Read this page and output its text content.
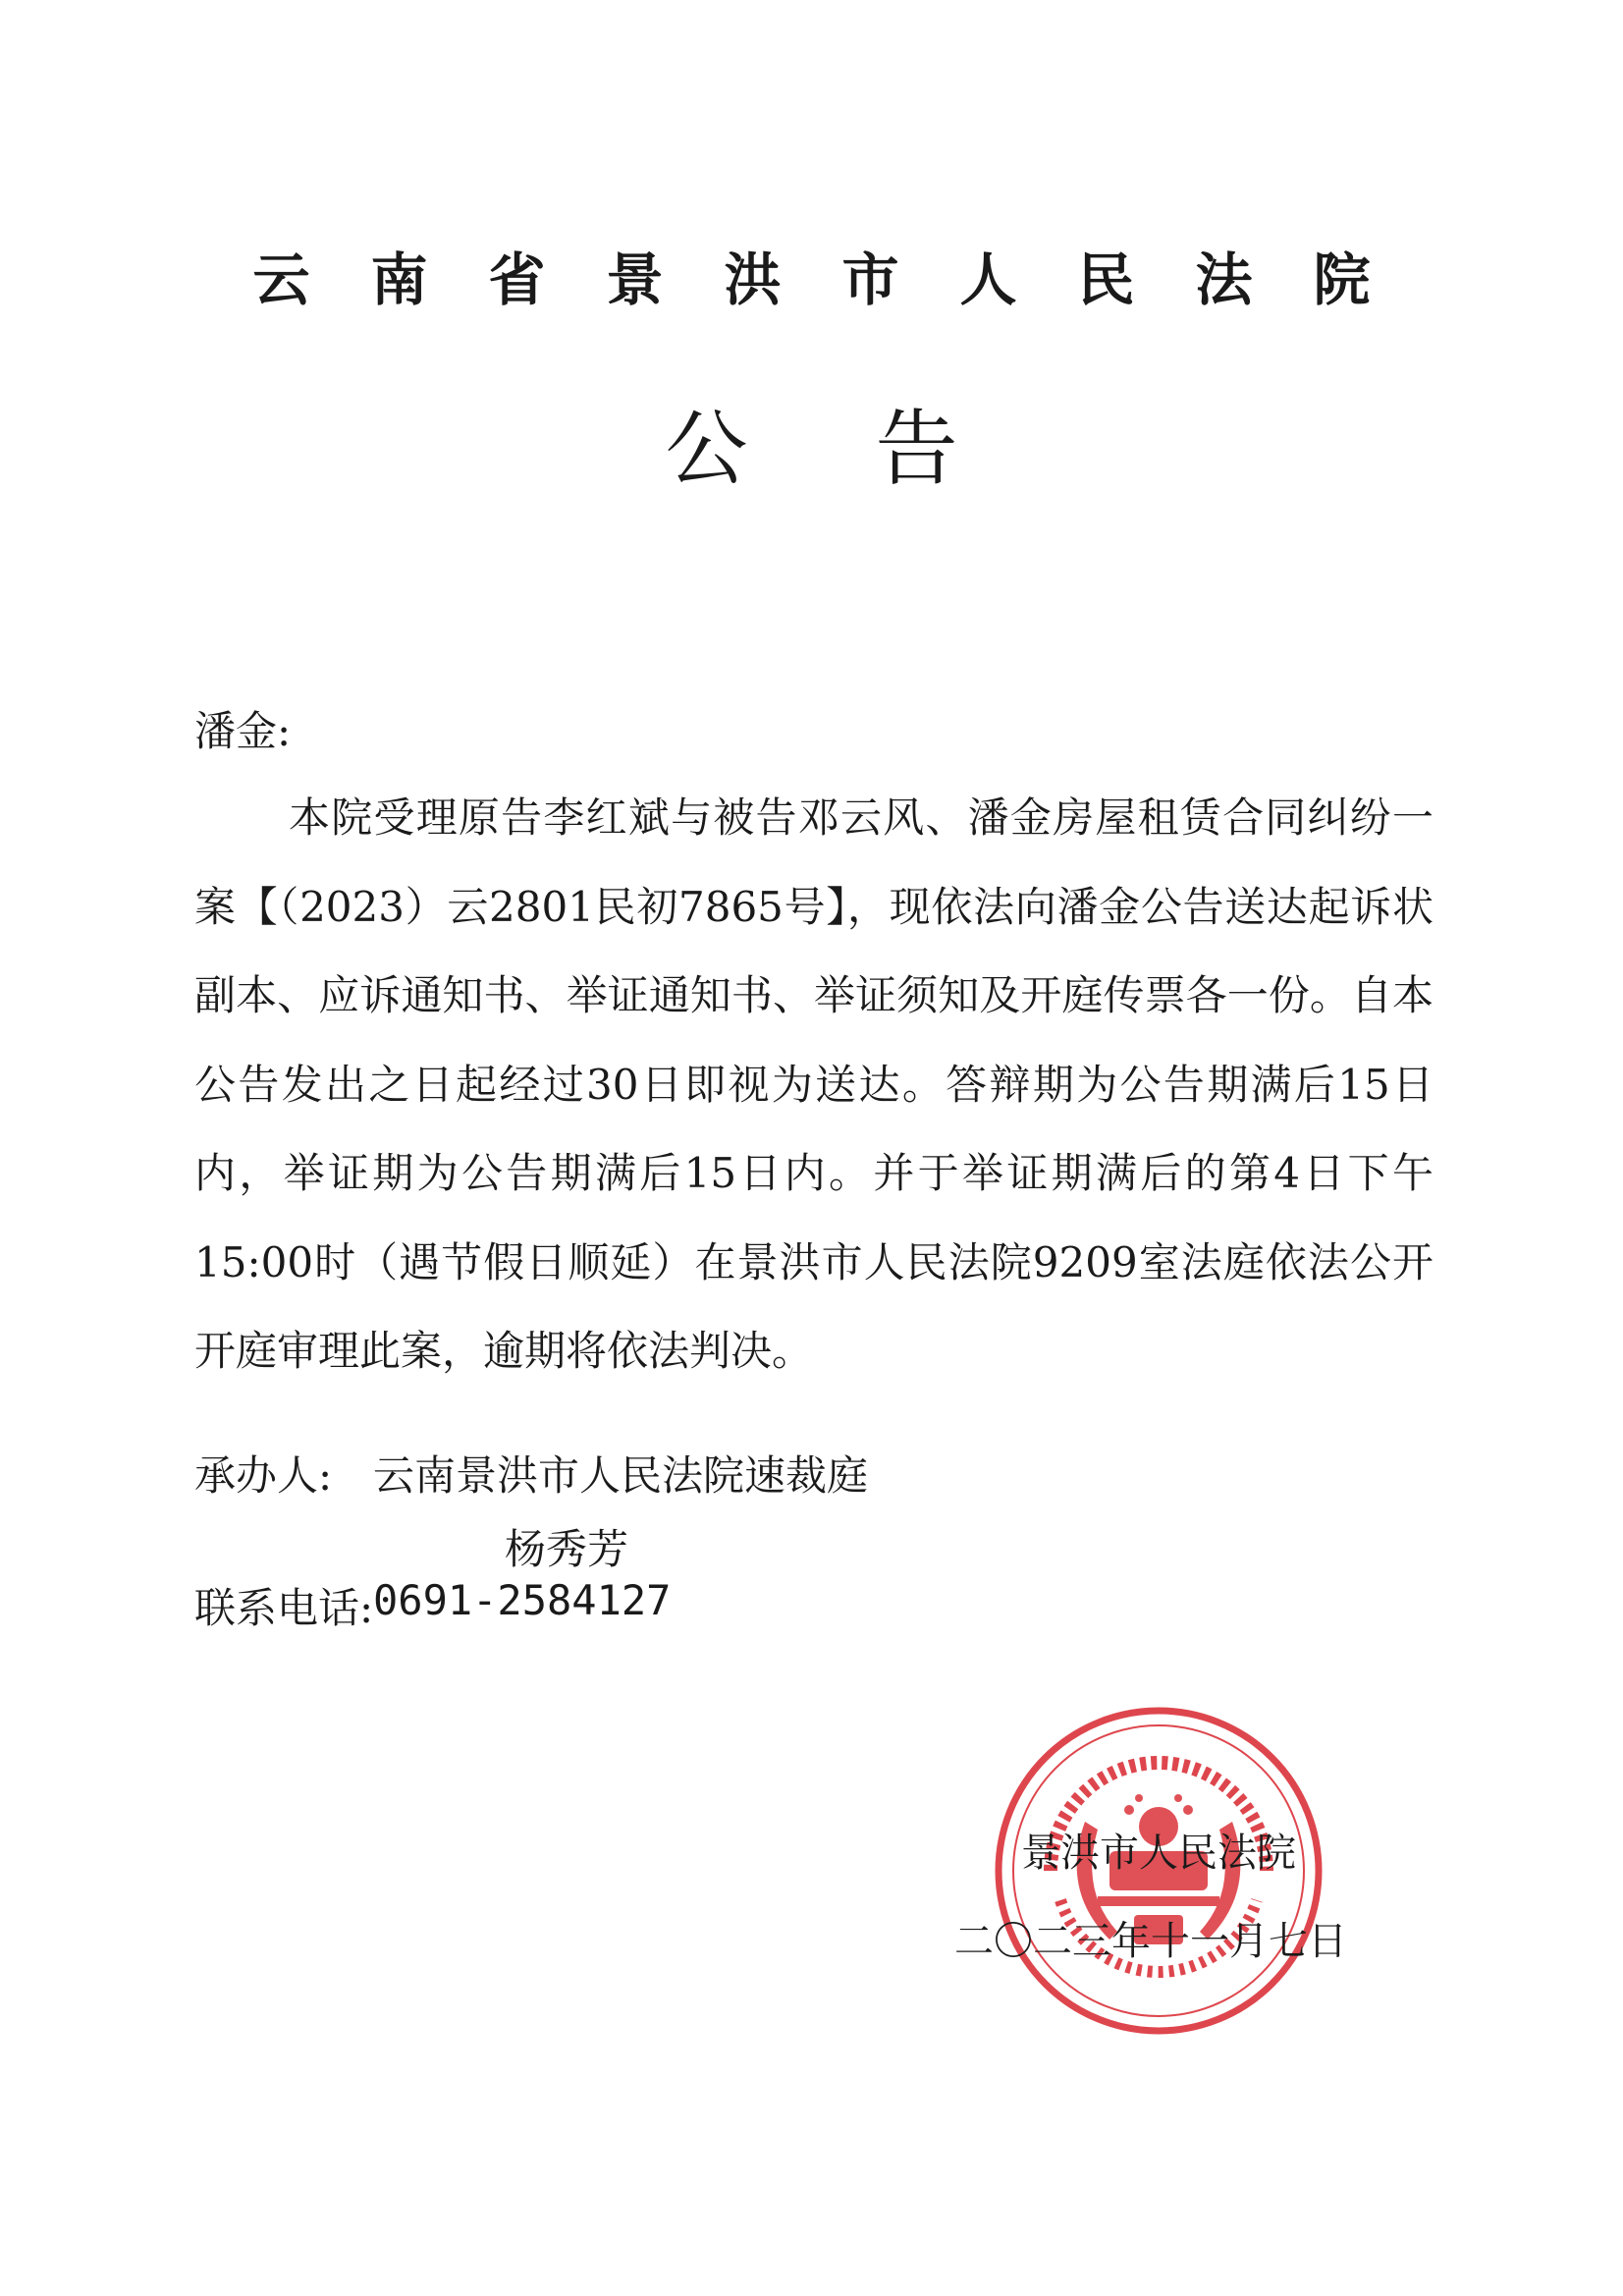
云南省景洪市人民法院
公告
潘金:

本院受理原告李红斌与被告邓云风、潘金房屋租赁合同纠纷一案【（2023）云2801民初7865号】，现依法向潘金公告送达起诉状副本、应诉通知书、举证通知书、举证须知及开庭传票各一份。自本公告发出之日起经过30日即视为送达。答辩期为公告期满后15日内，举证期为公告期满后15日内。并于举证期满后的第4日下午15:00时（遇节假日顺延）在景洪市人民法院9209室法庭依法公开开庭审理此案，逾期将依法判决。

承办人: 云南景洪市人民法院速裁庭
杨秀芳
联系电话: 0691-2584127
景洪市人民法院
二〇二三年十一月七日
